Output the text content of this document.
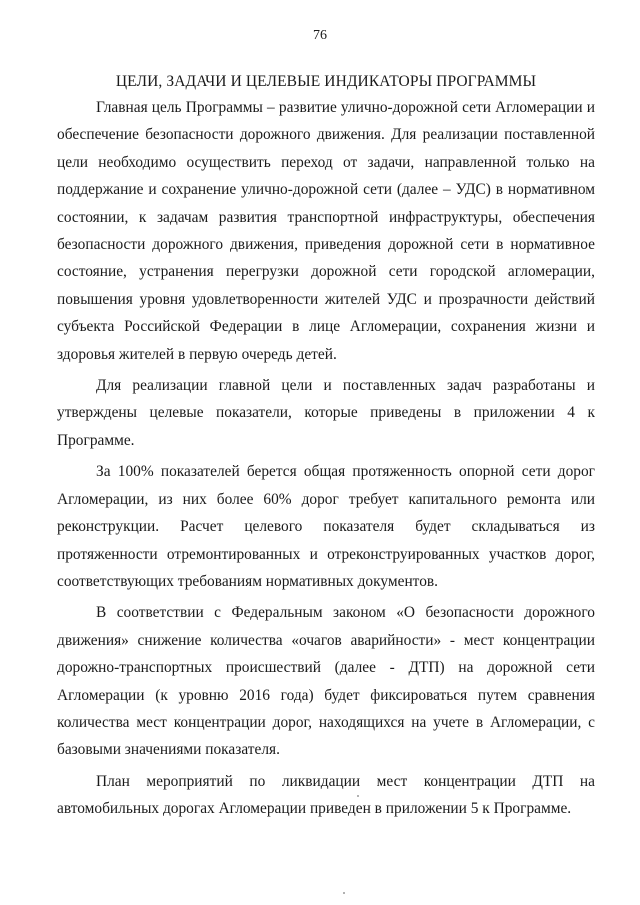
76
ЦЕЛИ, ЗАДАЧИ И ЦЕЛЕВЫЕ ИНДИКАТОРЫ ПРОГРАММЫ

Главная цель Программы – развитие улично-дорожной сети Агломерации и обеспечение безопасности дорожного движения. Для реализации поставленной цели необходимо осуществить переход от задачи, направленной только на поддержание и сохранение улично-дорожной сети (далее – УДС) в нормативном состоянии, к задачам развития транспортной инфраструктуры, обеспечения безопасности дорожного движения, приведения дорожной сети в нормативное состояние, устранения перегрузки дорожной сети городской агломерации, повышения уровня удовлетворенности жителей УДС и прозрачности действий субъекта Российской Федерации в лице Агломерации, сохранения жизни и здоровья жителей в первую очередь детей.

Для реализации главной цели и поставленных задач разработаны и утверждены целевые показатели, которые приведены в приложении 4 к Программе.

За 100% показателей берется общая протяженность опорной сети дорог Агломерации, из них более 60% дорог требует капитального ремонта или реконструкции. Расчет целевого показателя будет складываться из протяженности отремонтированных и отреконструированных участков дорог, соответствующих требованиям нормативных документов.

В соответствии с Федеральным законом «О безопасности дорожного движения» снижение количества «очагов аварийности» - мест концентрации дорожно-транспортных происшествий (далее - ДТП) на дорожной сети Агломерации (к уровню 2016 года) будет фиксироваться путем сравнения количества мест концентрации дорог, находящихся на учете в Агломерации, с базовыми значениями показателя.

План мероприятий по ликвидации мест концентрации ДТП на автомобильных дорогах Агломерации приведен в приложении 5 к Программе.
